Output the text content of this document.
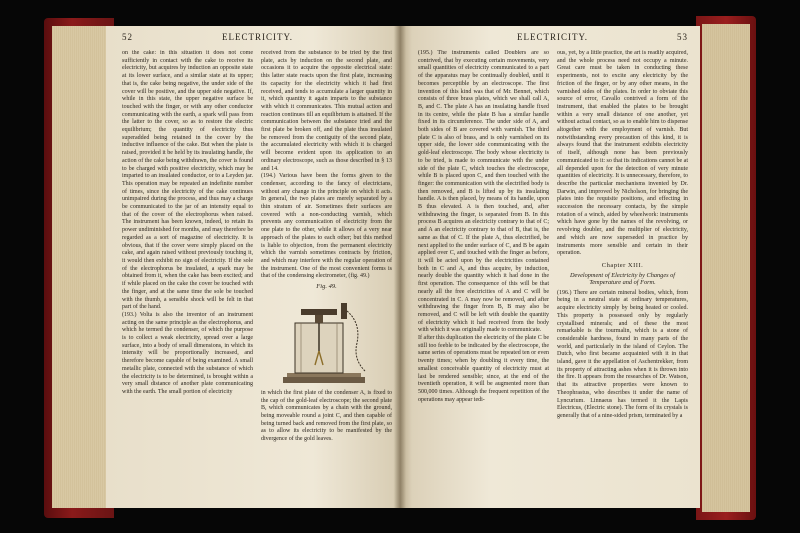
52	ELECTRICITY.

on the cake: in this situation it does not come sufficiently in contact with the cake to receive its electricity, but acquires by induction an opposite state at its lower surface, and a similar state at its upper; that is, the cake being negative, the under side of the cover will be positive, and the upper side negative. If, while in this state, the upper negative surface be touched with the finger, or with any other conductor communicating with the earth, a spark will pass from the latter to the cover, so as to restore the electric equilibrium; the quantity of electricity thus superadded being retained in the cover by the inductive influence of the cake. But when the plate is raised, provided it be held by its insulating handle, the action of the cake being withdrawn, the cover is found to be charged with positive electricity, which may be imparted to an insulated conductor, or to a Leyden jar. This operation may be repeated an indefinite number of times, since the electricity of the cake continues unimpaired during the process, and thus may a charge be communicated to the jar of an intensity equal to that of the cover of the electrophorus when raised. The instrument has been known, indeed, to retain its power undiminished for months, and may therefore be regarded as a sort of magazine of electricity. It is obvious, that if the cover were simply placed on the cake, and again raised without previously touching it, it would then exhibit no sign of electricity. If the sole of the electrophorus be insulated, a spark may be obtained from it, when the cake has been excited; and if while placed on the cake the cover be touched with the finger, and at the same time the sole be touched with the thumb, a sensible shock will be felt in that part of the hand.
(193.) Volta is also the inventor of an instrument acting on the same principle as the electrophorus, and which he termed the condenser, of which the purpose is to collect a weak electricity, spread over a large surface, into a body of small dimensions, in which its intensity will be proportionally increased, and therefore become capable of being examined. A small metallic plate, connected with the substance of which the electricity is to be determined, is brought within a very small distance of another plate communicating with the earth. The small portion of electricity

received from the substance to be tried by the first plate, acts by induction on the second plate, and occasions it to acquire the opposite electrical state: this latter state reacts upon the first plate, increasing its capacity for the electricity which it had first received, and tends to accumulate a larger quantity in it, which quantity it again imparts to the substance with which it communicates. This mutual action and reaction continues till an equilibrium is attained. If the communication between the substance tried and the first plate be broken off, and the plate thus insulated be removed from the contiguity of the second plate, the accumulated electricity with which it is charged will become evident upon its application to an ordinary electroscope, such as those described in § 13 and 14.
(194.) Various have been the forms given to the condenser, according to the fancy of electricians, without any change in the principle on which it acts. In general, the two plates are merely separated by a thin stratum of air. Sometimes their surfaces are covered with a non-conducting varnish, which prevents any communication of electricity from the one plate to the other, while it allows of a very near approach of the plates to each other; but this method is liable to objection, from the permanent electricity which the varnish sometimes contracts by friction, and which may interfere with the regular operation of the instrument. One of the most convenient forms is that of the condensing electrometer, (fig. 49.)

Fig. 49.

in which the first plate of the condenser A, is fixed to the cap of the gold-leaf electroscope; the second plate B, which communicates by a chain with the ground, being moveable round a joint C, and then capable of being turned back and removed from the first plate, so as to allow its electricity to be manifested by the divergence of the gold leaves.

ELECTRICITY.	53

(195.) The instruments called Doublers are so contrived, that by executing certain movements, very small quantities of electricity communicated to a part of the apparatus may be continually doubled, until it becomes perceptible by an electroscope. The first invention of this kind was that of Mr. Bennet, which consists of three brass plates, which we shall call A, B, and C. The plate A has an insulating handle fixed in its centre, while the plate B has a similar handle fixed in its circumference. The under side of A, and both sides of B are covered with varnish. The third plate C is also of brass, and is only varnished on its upper side, the lower side communicating with the gold-leaf electroscope. The body whose electricity is to be tried, is made to communicate with the under side of the plate C, which touches the electroscope, while B is placed upon C, and then touched with the finger: the communication with the electrified body is then removed, and B is lifted up by its insulating handle. A is then placed, by means of its handle, upon B thus elevated. A is then touched, and, after withdrawing the finger, is separated from B. In this process B acquires an electricity contrary to that of C; and A an electricity contrary to that of B, that is, the same as that of C. If the plate A, thus electrified, be next applied to the under surface of C, and B be again applied over C, and touched with the finger as before, it will be acted upon by the electricities contained both in C and A, and thus acquire, by induction, nearly double the quantity which it had done in the first operation. The consequence of this will be that nearly all the free electricities of A and C will be concentrated in C. A may now be removed, and after withdrawing the finger from B, B may also be removed, and C will be left with double the quantity of electricity which it had received from the body with which it was originally made to communicate.
If after this duplication the electricity of the plate C be still too feeble to be indicated by the electroscope, the same series of operations must be repeated ten or even twenty times; when by doubling it every time, the smallest conceivable quantity of electricity must at last be rendered sensible; since, at the end of the twentieth operation, it will be augmented more than 500,000 times. Although the frequent repetition of the operations may appear tedi-

ous, yet, by a little practice, the art is readily acquired, and the whole process need not occupy a minute. Great care must be taken in conducting these experiments, not to excite any electricity by the friction of the finger, or by any other means, in the varnished sides of the plates. In order to obviate this source of error, Cavallo contrived a form of the instrument, that enabled the plates to be brought within a very small distance of one another, yet without actual contact, so as to enable him to dispense altogether with the employment of varnish. But notwithstanding every precaution of this kind, it is always found that the instrument exhibits electricity of itself, although none has been previously communicated to it: so that its indications cannot be at all depended upon for the detection of very minute quantities of electricity. It is unnecessary, therefore, to describe the particular mechanisms invented by Dr. Darwin, and improved by Nicholson, for bringing the plates into the requisite positions, and effecting in succession the necessary contacts, by the simple rotation of a winch, aided by wheelwork: instruments which have gone by the names of the revolving, or revolving doubler, and the multiplier of electricity, and which are now superseded in practice by instruments more sensible and certain in their operation.

Chapter XIII.
Development of Electricity by Changes of Temperature and of Form.

(196.) There are certain mineral bodies, which, from being in a neutral state at ordinary temperatures, acquire electricity simply by being heated or cooled. This property is possessed only by regularly crystallised minerals; and of these the most remarkable is the tourmalin, which is a stone of considerable hardness, found in many parts of the world, and particularly in the island of Ceylon. The Dutch, who first became acquainted with it in that island, gave it the appellation of Aschentrekker, from its property of attracting ashes when it is thrown into the fire. It appears from the researches of Dr. Watson, that its attractive properties were known to Theophrastus, who describes it under the name of Lyncurium. Linnaeus has termed it the Lapis Electricus, (Electric stone). The form of its crystals is generally that of a nine-sided prism, terminated by a
